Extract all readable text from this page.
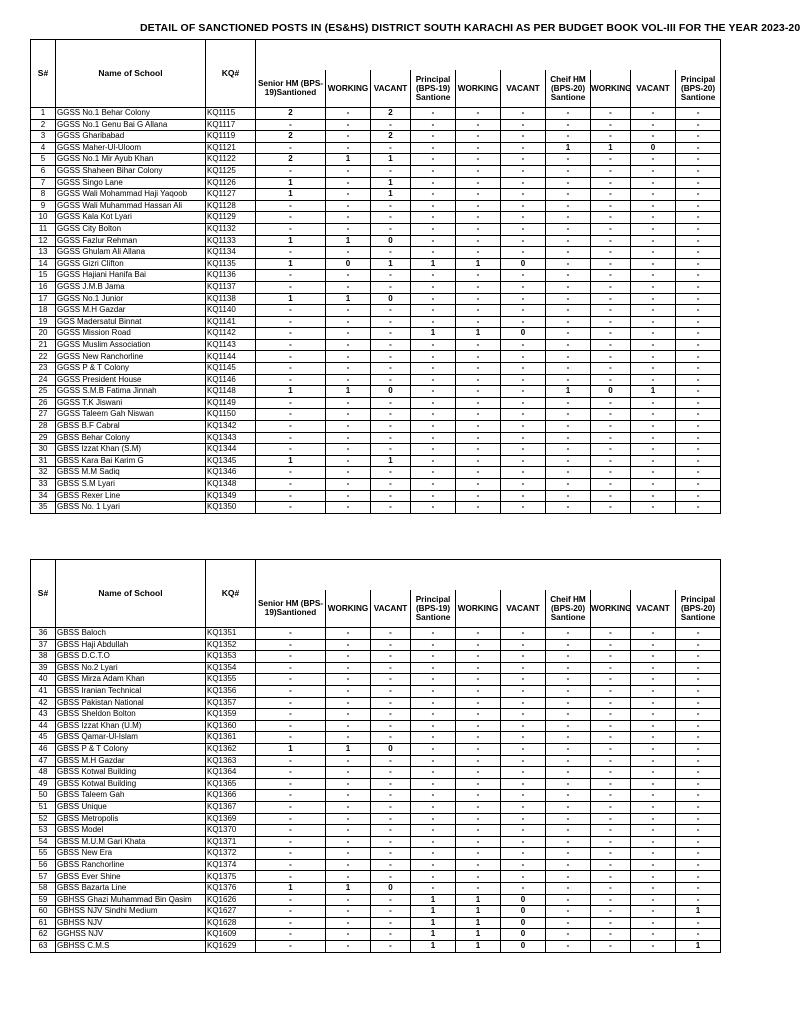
DETAIL OF SANCTIONED POSTS IN (ES&HS) DISTRICT SOUTH KARACHI AS PER BUDGET BOOK VOL-III FOR THE YEAR 2023-20
S#	Name of School	KQ#										
			Senior HM (BPS-19)Santioned	WORKING	VACANT	Principal (BPS-19) Santione	WORKING	VACANT	Cheif HM (BPS-20) Santione	WORKING	VACANT	Principal (BPS-20) Santione
1	GGSS No.1 Behar Colony	KQ1115	2	-	2	-	-	-	-	-	-	-
2	GGSS No.1 Genu Bai G Allana	KQ1117	-	-	-	-	-	-	-	-	-	-
3	GGSS Gharibabad	KQ1119	2	-	2	-	-	-	-	-	-	-
4	GGSS Maher-Ul-Uloom	KQ1121	-	-	-	-	-	-	1	1	0	-
5	GGSS No.1 Mir Ayub Khan	KQ1122	2	1	1	-	-	-	-	-	-	-
6	GGSS Shaheen Bihar Colony	KQ1125	-	-	-	-	-	-	-	-	-	-
7	GGSS Singo Lane	KQ1126	1	-	1	-	-	-	-	-	-	-
8	GGSS Wali Mohammad Haji Yaqoob	KQ1127	1	-	1	-	-	-	-	-	-	-
9	GGSS Wali Muhammad Hassan Ali	KQ1128	-	-	-	-	-	-	-	-	-	-
10	GGSS Kala Kot Lyari	KQ1129	-	-	-	-	-	-	-	-	-	-
11	GGSS City Bolton	KQ1132	-	-	-	-	-	-	-	-	-	-
12	GGSS Fazlur Rehman	KQ1133	1	1	0	-	-	-	-	-	-	-
13	GGSS Ghulam Ali Allana	KQ1134	-	-	-	-	-	-	-	-	-	-
14	GGSS Gizri Clifton	KQ1135	1	0	1	1	1	0	-	-	-	-
15	GGSS Hajiani Hanifa Bai	KQ1136	-	-	-	-	-	-	-	-	-	-
16	GGSS J.M.B Jama	KQ1137	-	-	-	-	-	-	-	-	-	-
17	GGSS No.1 Junior	KQ1138	1	1	0	-	-	-	-	-	-	-
18	GGSS M.H Gazdar	KQ1140	-	-	-	-	-	-	-	-	-	-
19	GGS Madersatul Binnat	KQ1141	-	-	-	-	-	-	-	-	-	-
20	GGSS Mission Road	KQ1142	-	-	-	1	1	0	-	-	-	-
21	GGSS Muslim Association	KQ1143	-	-	-	-	-	-	-	-	-	-
22	GGSS New Ranchorline	KQ1144	-	-	-	-	-	-	-	-	-	-
23	GGSS P & T Colony	KQ1145	-	-	-	-	-	-	-	-	-	-
24	GGSS President House	KQ1146	-	-	-	-	-	-	-	-	-	-
25	GGSS S.M.B Fatima Jinnah	KQ1148	1	1	0	-	-	-	1	0	1	-
26	GGSS T.K Jiswani	KQ1149	-	-	-	-	-	-	-	-	-	-
27	GGSS Taleem Gah Niswan	KQ1150	-	-	-	-	-	-	-	-	-	-
28	GBSS B.F Cabral	KQ1342	-	-	-	-	-	-	-	-	-	-
29	GBSS Behar Colony	KQ1343	-	-	-	-	-	-	-	-	-	-
30	GBSS Izzat Khan (S.M)	KQ1344	-	-	-	-	-	-	-	-	-	-
31	GBSS Kara Bai Karim G	KQ1345	1	-	1	-	-	-	-	-	-	-
32	GBSS M.M Sadiq	KQ1346	-	-	-	-	-	-	-	-	-	-
33	GBSS S.M Lyari	KQ1348	-	-	-	-	-	-	-	-	-	-
34	GBSS Rexer Line	KQ1349	-	-	-	-	-	-	-	-	-	-
35	GBSS No. 1 Lyari	KQ1350	-	-	-	-	-	-	-	-	-	-
S#	Name of School	KQ#										
			Senior HM (BPS-19)Santioned	WORKING	VACANT	Principal (BPS-19) Santione	WORKING	VACANT	Cheif HM (BPS-20) Santione	WORKING	VACANT	Principal (BPS-20) Santione
36	GBSS Baloch	KQ1351	-	-	-	-	-	-	-	-	-	-
37	GBSS Haji Abdullah	KQ1352	-	-	-	-	-	-	-	-	-	-
38	GBSS D.C.T.O	KQ1353	-	-	-	-	-	-	-	-	-	-
39	GBSS No.2 Lyari	KQ1354	-	-	-	-	-	-	-	-	-	-
40	GBSS Mirza Adam Khan	KQ1355	-	-	-	-	-	-	-	-	-	-
41	GBSS Iranian Technical	KQ1356	-	-	-	-	-	-	-	-	-	-
42	GBSS Pakistan National	KQ1357	-	-	-	-	-	-	-	-	-	-
43	GBSS Sheldon Bolton	KQ1359	-	-	-	-	-	-	-	-	-	-
44	GBSS Izzat Khan (U.M)	KQ1360	-	-	-	-	-	-	-	-	-	-
45	GBSS Qamar-Ul-Islam	KQ1361	-	-	-	-	-	-	-	-	-	-
46	GBSS P & T Colony	KQ1362	1	1	0	-	-	-	-	-	-	-
47	GBSS M.H Gazdar	KQ1363	-	-	-	-	-	-	-	-	-	-
48	GBSS Kotwal Building	KQ1364	-	-	-	-	-	-	-	-	-	-
49	GBSS Kotwal Building	KQ1365	-	-	-	-	-	-	-	-	-	-
50	GBSS Taleem Gah	KQ1366	-	-	-	-	-	-	-	-	-	-
51	GBSS Unique	KQ1367	-	-	-	-	-	-	-	-	-	-
52	GBSS Metropolis	KQ1369	-	-	-	-	-	-	-	-	-	-
53	GBSS Model	KQ1370	-	-	-	-	-	-	-	-	-	-
54	GBSS M.U.M Gari Khata	KQ1371	-	-	-	-	-	-	-	-	-	-
55	GBSS New Era	KQ1372	-	-	-	-	-	-	-	-	-	-
56	GBSS Ranchorline	KQ1374	-	-	-	-	-	-	-	-	-	-
57	GBSS Ever Shine	KQ1375	-	-	-	-	-	-	-	-	-	-
58	GBSS Bazarta Line	KQ1376	1	1	0	-	-	-	-	-	-	-
59	GBHSS Ghazi Muhammad Bin Qasim	KQ1626	-	-	-	1	1	0	-	-	-	-
60	GBHSS NJV Sindhi Medium	KQ1627	-	-	-	1	1	0	-	-	-	1
61	GBHSS NJV	KQ1628	-	-	-	1	1	0	-	-	-	-
62	GGHSS NJV	KQ1609	-	-	-	1	1	0	-	-	-	-
63	GBHSS C.M.S	KQ1629	-	-	-	1	1	0	-	-	-	1
